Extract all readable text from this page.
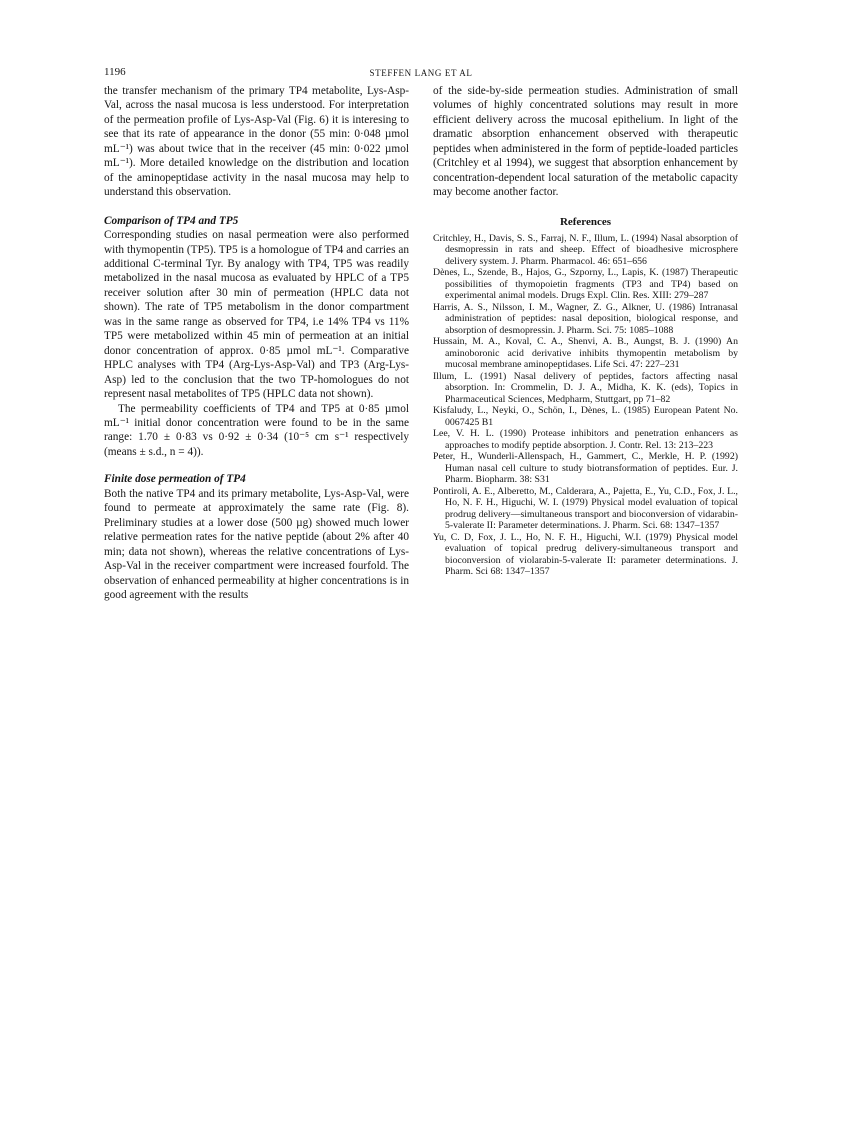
1196	STEFFEN LANG ET AL

the transfer mechanism of the primary TP4 metabolite, Lys-Asp-Val, across the nasal mucosa is less understood. For interpretation of the permeation profile of Lys-Asp-Val (Fig. 6) it is interesing to see that its rate of appearance in the donor (55 min: 0·048 µmol mL⁻¹) was about twice that in the receiver (45 min: 0·022 µmol mL⁻¹). More detailed knowledge on the distribution and location of the aminopeptidase activity in the nasal mucosa may help to understand this observation.

Comparison of TP4 and TP5

Corresponding studies on nasal permeation were also performed with thymopentin (TP5). TP5 is a homologue of TP4 and carries an additional C-terminal Tyr. By analogy with TP4, TP5 was readily metabolized in the nasal mucosa as evaluated by HPLC of a TP5 receiver solution after 30 min of permeation (HPLC data not shown). The rate of TP5 metabolism in the donor compartment was in the same range as observed for TP4, i.e 14% TP4 vs 11% TP5 were metabolized within 45 min of permeation at an initial donor concentration of approx. 0·85 µmol mL⁻¹. Comparative HPLC analyses with TP4 (Arg-Lys-Asp-Val) and TP3 (Arg-Lys-Asp) led to the conclusion that the two TP-homologues do not represent nasal metabolites of TP5 (HPLC data not shown).

The permeability coefficients of TP4 and TP5 at 0·85 µmol mL⁻¹ initial donor concentration were found to be in the same range: 1.70 ± 0·83 vs 0·92 ± 0·34 (10⁻⁵ cm s⁻¹ respectively (means ± s.d., n = 4)).

Finite dose permeation of TP4

Both the native TP4 and its primary metabolite, Lys-Asp-Val, were found to permeate at approximately the same rate (Fig. 8). Preliminary studies at a lower dose (500 µg) showed much lower relative permeation rates for the native peptide (about 2% after 40 min; data not shown), whereas the relative concentrations of Lys-Asp-Val in the receiver compartment were increased fourfold. The observation of enhanced permeability at higher concentrations is in good agreement with the results

of the side-by-side permeation studies. Administration of small volumes of highly concentrated solutions may result in more efficient delivery across the mucosal epithelium. In light of the dramatic absorption enhancement observed with therapeutic peptides when administered in the form of peptide-loaded particles (Critchley et al 1994), we suggest that absorption enhancement by concentration-dependent local saturation of the metabolic capacity may become another factor.

References
Critchley, H., Davis, S. S., Farraj, N. F., Illum, L. (1994) Nasal absorption of desmopressin in rats and sheep. Effect of bioadhesive microsphere delivery system. J. Pharm. Pharmacol. 46: 651–656
Dènes, L., Szende, B., Hajos, G., Szporny, L., Lapis, K. (1987) Therapeutic possibilities of thymopoietin fragments (TP3 and TP4) based on experimental animal models. Drugs Expl. Clin. Res. XIII: 279–287
Harris, A. S., Nilsson, I. M., Wagner, Z. G., Alkner, U. (1986) Intranasal administration of peptides: nasal deposition, biological response, and absorption of desmopressin. J. Pharm. Sci. 75: 1085–1088
Hussain, M. A., Koval, C. A., Shenvi, A. B., Aungst, B. J. (1990) An aminoboronic acid derivative inhibits thymopentin metabolism by mucosal membrane aminopeptidases. Life Sci. 47: 227–231
Illum, L. (1991) Nasal delivery of peptides, factors affecting nasal absorption. In: Crommelin, D. J. A., Midha, K. K. (eds), Topics in Pharmaceutical Sciences, Medpharm, Stuttgart, pp 71–82
Kisfaludy, L., Neyki, O., Schön, I., Dènes, L. (1985) European Patent No. 0067425 B1
Lee, V. H. L. (1990) Protease inhibitors and penetration enhancers as approaches to modify peptide absorption. J. Contr. Rel. 13: 213–223
Peter, H., Wunderli-Allenspach, H., Gammert, C., Merkle, H. P. (1992) Human nasal cell culture to study biotransformation of peptides. Eur. J. Pharm. Biopharm. 38: S31
Pontiroli, A. E., Alberetto, M., Calderara, A., Pajetta, E., Yu, C.D., Fox, J. L., Ho, N. F. H., Higuchi, W. I. (1979) Physical model evaluation of topical prodrug delivery—simultaneous transport and bioconversion of vidarabin-5-valerate II: Parameter determinations. J. Pharm. Sci. 68: 1347–1357
Yu, C. D, Fox, J. L., Ho, N. F. H., Higuchi, W.I. (1979) Physical model evaluation of topical predrug delivery-simultaneous transport and bioconversion of violarabin-5-valerate II: parameter determinations. J. Pharm. Sci 68: 1347–1357
